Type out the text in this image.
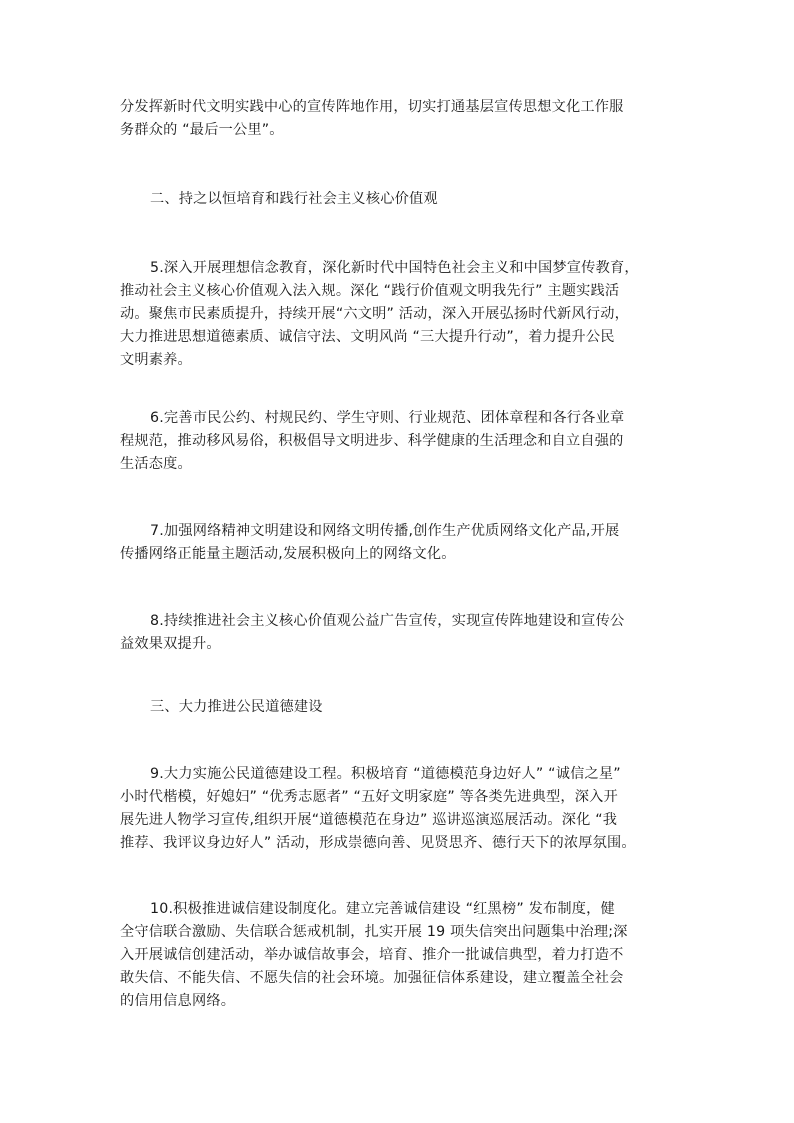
分发挥新时代文明实践中心的宣传阵地作用，切实打通基层宣传思想文化工作服
务群众的 “最后一公里”。
二、持之以恒培育和践行社会主义核心价值观
5.深入开展理想信念教育，深化新时代中国特色社会主义和中国梦宣传教育，
推动社会主义核心价值观入法入规。深化 “践行价值观文明我先行” 主题实践活
动。聚焦市民素质提升，持续开展“六文明” 活动，深入开展弘扬时代新风行动，
大力推进思想道德素质、诚信守法、文明风尚 “三大提升行动”，着力提升公民
文明素养。
6.完善市民公约、村规民约、学生守则、行业规范、团体章程和各行各业章
程规范，推动移风易俗，积极倡导文明进步、科学健康的生活理念和自立自强的
生活态度。
7.加强网络精神文明建设和网络文明传播,创作生产优质网络文化产品,开展
传播网络正能量主题活动,发展积极向上的网络文化。
8.持续推进社会主义核心价值观公益广告宣传，实现宣传阵地建设和宣传公
益效果双提升。
三、大力推进公民道德建设
9.大力实施公民道德建设工程。积极培育 “道德模范身边好人” “诚信之星”
小时代楷模，好媳妇” “优秀志愿者” “五好文明家庭” 等各类先进典型，深入开
展先进人物学习宣传,组织开展“道德模范在身边” 巡讲巡演巡展活动。深化 “我
推荐、我评议身边好人” 活动，形成崇德向善、见贤思齐、德行天下的浓厚氛围。
10.积极推进诚信建设制度化。建立完善诚信建设 “红黑榜” 发布制度，健
全守信联合激励、失信联合惩戒机制，扎实开展 19 项失信突出问题集中治理;深
入开展诚信创建活动，举办诚信故事会，培育、推介一批诚信典型，着力打造不
敢失信、不能失信、不愿失信的社会环境。加强征信体系建设，建立覆盖全社会
的信用信息网络。
